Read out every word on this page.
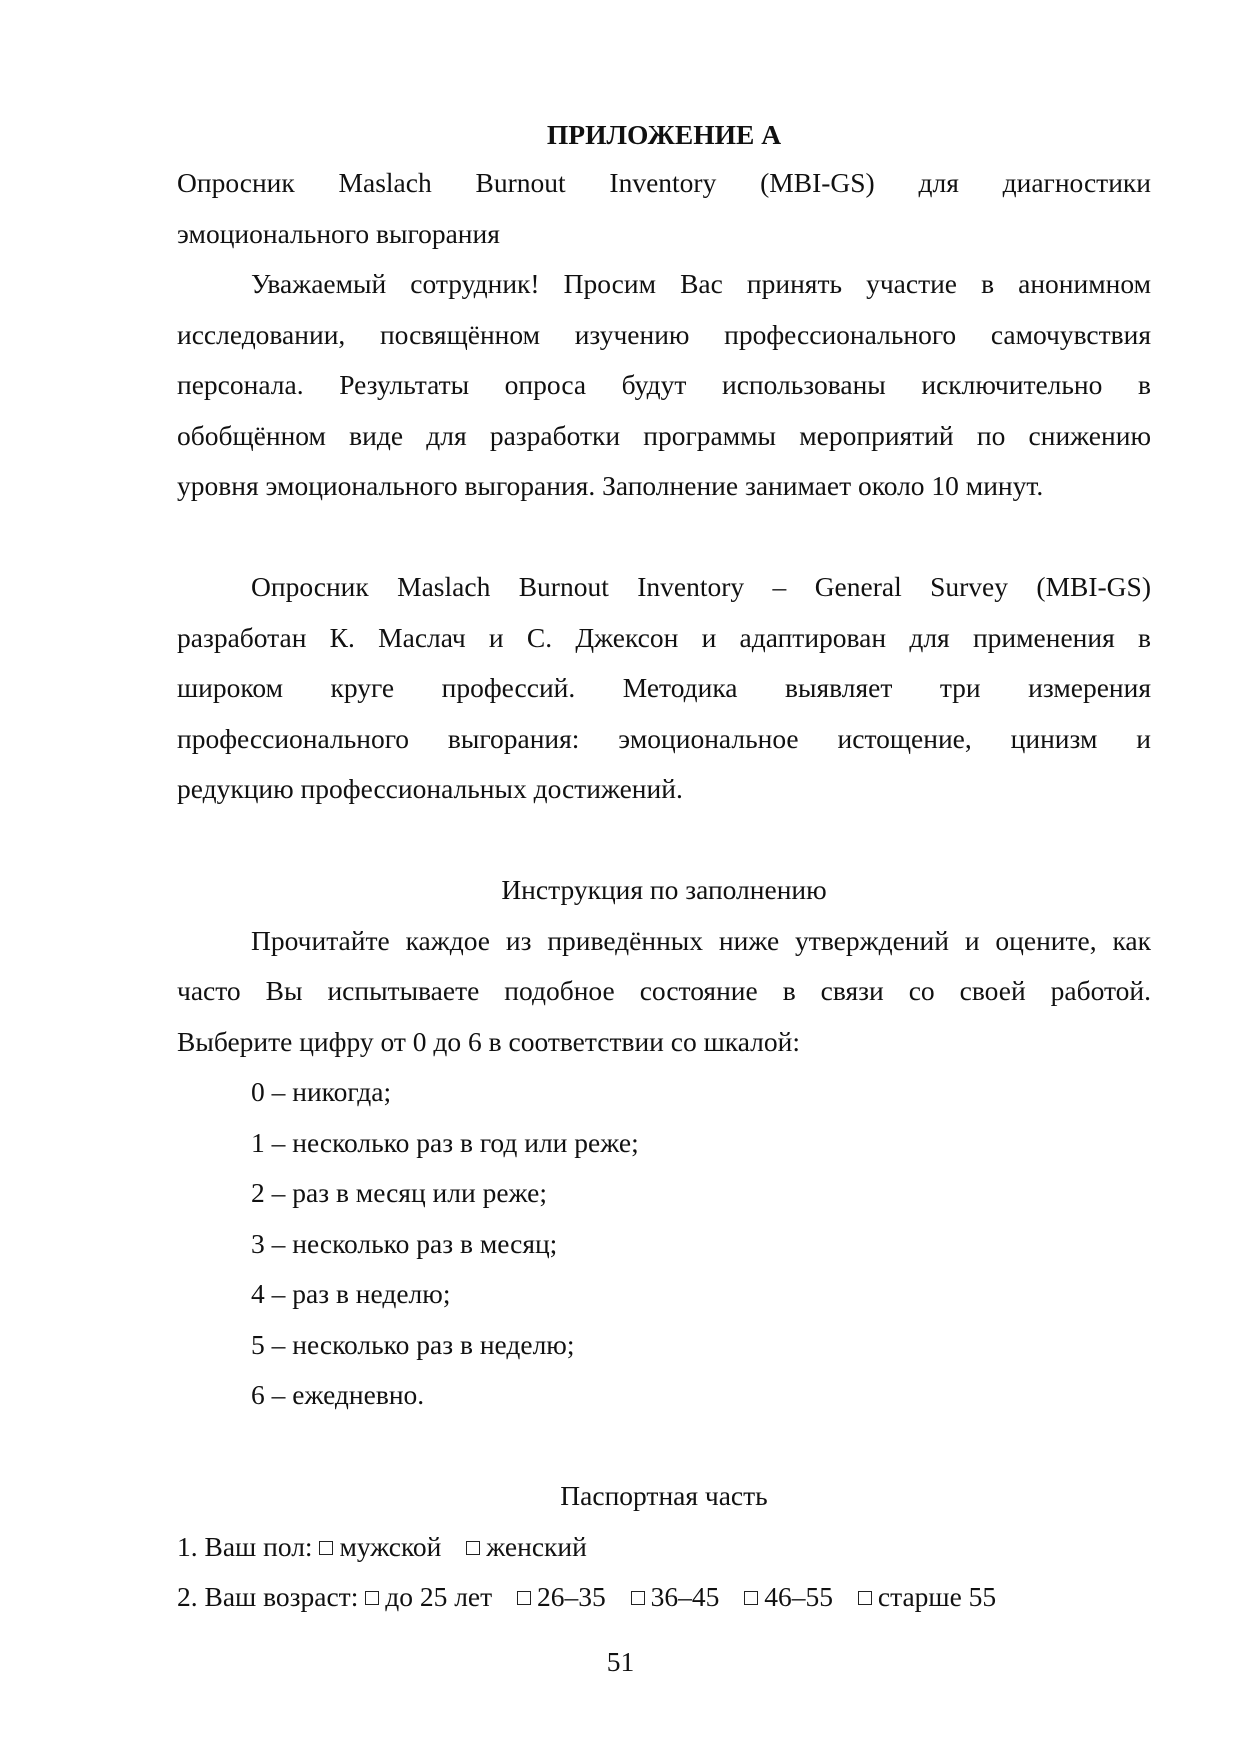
ПРИЛОЖЕНИЕ А

Опросник Maslach Burnout Inventory (MBI-GS) для диагностики

эмоционального выгорания

Уважаемый сотрудник! Просим Вас принять участие в анонимном

исследовании, посвящённом изучению профессионального самочувствия

персонала. Результаты опроса будут использованы исключительно в

обобщённом виде для разработки программы мероприятий по снижению

уровня эмоционального выгорания. Заполнение занимает около 10 минут.

Опросник Maslach Burnout Inventory – General Survey (MBI-GS)

разработан К. Маслач и С. Джексон и адаптирован для применения в

широком круге профессий. Методика выявляет три измерения

профессионального выгорания: эмоциональное истощение, цинизм и

редукцию профессиональных достижений.

Инструкция по заполнению

Прочитайте каждое из приведённых ниже утверждений и оцените, как

часто Вы испытываете подобное состояние в связи со своей работой.

Выберите цифру от 0 до 6 в соответствии со шкалой:

0 – никогда;

1 – несколько раз в год или реже;

2 – раз в месяц или реже;

3 – несколько раз в месяц;

4 – раз в неделю;

5 – несколько раз в неделю;

6 – ежедневно.

Паспортная часть

1. Ваш пол: мужской женский

2. Ваш возраст: до 25 лет 26–35 36–45 46–55 старше 55

51
